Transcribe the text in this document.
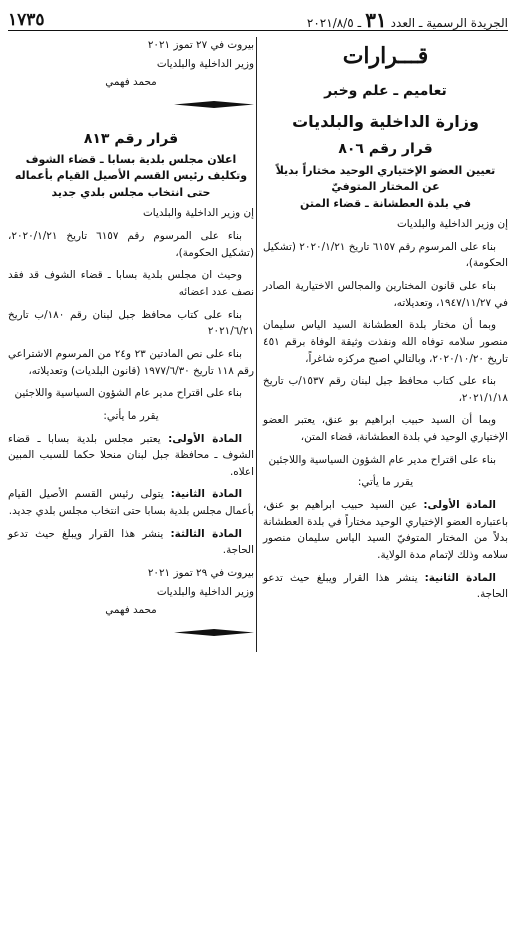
الجريدة الرسمية ـ العدد
٣١
ـ
٢٠٢١/٨/٥
١٧٣٥
قـــرارات
تعاميم ـ علم وخبر
وزارة الداخلية والبلديات
قرار رقم ٨٠٦
تعيين العضو الإختياري الوحيد مختاراً بديلاً
عن المختار المتوفيّ
في بلدة العطشانة ـ قضاء المتن

إن وزير الداخلية والبلديات

بناء على المرسوم رقم ٦١٥٧ تاريخ ٢٠٢٠/١/٢١ (تشكيل الحكومة)،

بناء على قانون المختارين والمجالس الاختيارية الصادر في ١٩٤٧/١١/٢٧، وتعديلاته،

وبما أن مختار بلدة العطشانة السيد الياس سليمان منصور سلامه توفاه الله ونفذت وثيقة الوفاة برقم ٤٥١ تاريخ ٢٠٢٠/١٠/٢٠، وبالتالي اصبح مركزه شاغراً،

بناء على كتاب محافظ جبل لبنان رقم ١٥٣٧/ب تاريخ ٢٠٢١/١/١٨،

وبما أن السيد حبيب ابراهيم بو عنق، يعتبر العضو الإختياري الوحيد في بلدة العطشانة، قضاء المتن،

بناء على اقتراح مدير عام الشؤون السياسية واللاجئين

يقرر ما يأتي:

المادة الأولى: عين السيد حبيب ابراهيم بو عنق، باعتباره العضو الإختياري الوحيد مختاراً في بلدة العطشانة بدلاً من المختار المتوفيّ السيد الياس سليمان منصور سلامه وذلك لإتمام مدة الولاية.

المادة الثانية: ينشر هذا القرار ويبلغ حيث تدعو الحاجة.

بيروت في ٢٧ تموز ٢٠٢١
وزير الداخلية والبلديات
محمد فهمي
قرار رقم ٨١٣
اعلان مجلس بلدية بسابا ـ قضاء الشوف
وتكليف رئيس القسم الأصيل القيام بأعماله
حتى انتخاب مجلس بلدي جديد

إن وزير الداخلية والبلديات

بناء على المرسوم رقم ٦١٥٧ تاريخ ٢٠٢٠/١/٢١، (تشكيل الحكومة)،

وحيث ان مجلس بلدية بسابا ـ قضاء الشوف قد فقد نصف عدد اعضائه

بناء على كتاب محافظ جبل لبنان رقم ١٨٠/ب تاريخ ٢٠٢١/٦/٢١

بناء على نص المادتين ٢٣ و٢٤ من المرسوم الاشتراعي رقم ١١٨ تاريخ ١٩٧٧/٦/٣٠ (قانون البلديات) وتعديلاته،

بناء على اقتراح مدير عام الشؤون السياسية واللاجئين

يقرر ما يأتي:

المادة الأولى: يعتبر مجلس بلدية بسابا ـ قضاء الشوف ـ محافظة جبل لبنان منحلا حكما للسبب المبين اعلاه.

المادة الثانية: يتولى رئيس القسم الأصيل القيام بأعمال مجلس بلدية بسابا حتى انتخاب مجلس بلدي جديد.

المادة الثالثة: ينشر هذا القرار ويبلغ حيث تدعو الحاجة.

بيروت في ٢٩ تموز ٢٠٢١
وزير الداخلية والبلديات
محمد فهمي
